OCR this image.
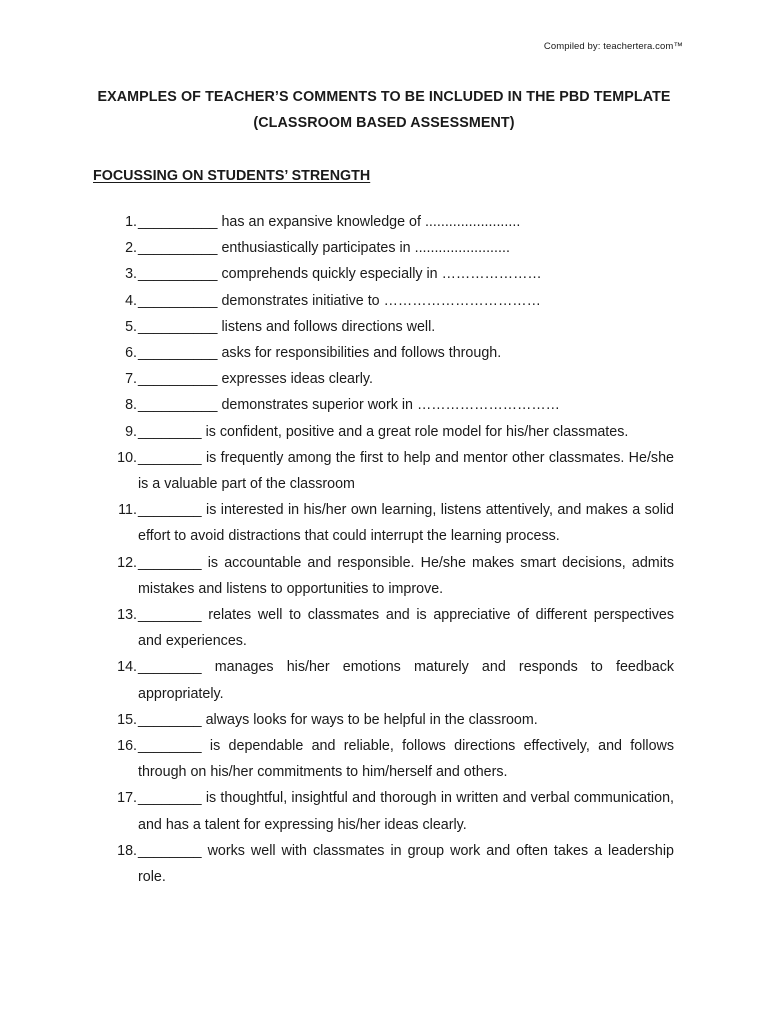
Compiled by: teachertera.com™
EXAMPLES OF TEACHER’S COMMENTS TO BE INCLUDED IN THE PBD TEMPLATE
(CLASSROOM BASED ASSESSMENT)
FOCUSSING ON STUDENTS’ STRENGTH
1. __________ has an expansive knowledge of ........................
2. __________ enthusiastically participates in ........................
3. __________ comprehends quickly especially in …………………
4. __________ demonstrates initiative to ……………………………
5. __________ listens and follows directions well.
6. __________ asks for responsibilities and follows through.
7. __________ expresses ideas clearly.
8. __________ demonstrates superior work in …………………………
9. ________ is confident, positive and a great role model for his/her classmates.
10. ________ is frequently among the first to help and mentor other classmates. He/she is a valuable part of the classroom
11. ________ is interested in his/her own learning, listens attentively, and makes a solid effort to avoid distractions that could interrupt the learning process.
12. ________ is accountable and responsible. He/she makes smart decisions, admits mistakes and listens to opportunities to improve.
13. ________ relates well to classmates and is appreciative of different perspectives and experiences.
14. ________ manages his/her emotions maturely and responds to feedback appropriately.
15. ________ always looks for ways to be helpful in the classroom.
16. ________ is dependable and reliable, follows directions effectively, and follows through on his/her commitments to him/herself and others.
17. ________ is thoughtful, insightful and thorough in written and verbal communication, and has a talent for expressing his/her ideas clearly.
18. ________ works well with classmates in group work and often takes a leadership role.
